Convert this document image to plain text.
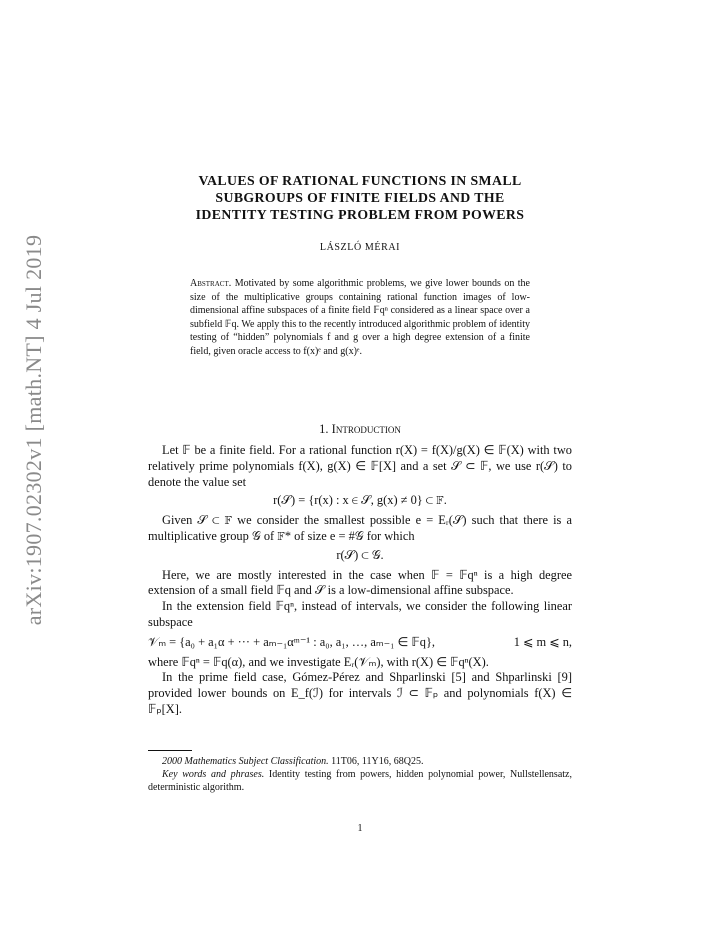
arXiv:1907.02302v1 [math.NT] 4 Jul 2019
VALUES OF RATIONAL FUNCTIONS IN SMALL
SUBGROUPS OF FINITE FIELDS AND THE
IDENTITY TESTING PROBLEM FROM POWERS
LÁSZLÓ MÉRAI
Abstract. Motivated by some algorithmic problems, we give lower bounds on the size of the multiplicative groups containing rational function images of low-dimensional affine subspaces of a finite field 𝔽qⁿ considered as a linear space over a subfield 𝔽q. We apply this to the recently introduced algorithmic problem of identity testing of “hidden” polynomials f and g over a high degree extension of a finite field, given oracle access to f(x)ᵉ and g(x)ᵉ.
1. Introduction

Let 𝔽 be a finite field. For a rational function r(X) = f(X)/g(X) ∈ 𝔽(X) with two relatively prime polynomials f(X), g(X) ∈ 𝔽[X] and a set 𝒮 ⊂ 𝔽, we use r(𝒮) to denote the value set

r(𝒮) = {r(x) : x ∈ 𝒮, g(x) ≠ 0} ⊂ 𝔽.

Given 𝒮 ⊂ 𝔽 we consider the smallest possible e = Eᵣ(𝒮) such that there is a multiplicative group 𝒢 of 𝔽* of size e = #𝒢 for which

r(𝒮) ⊂ 𝒢.

Here, we are mostly interested in the case when 𝔽 = 𝔽qⁿ is a high degree extension of a small field 𝔽q and 𝒮 is a low-dimensional affine subspace.

In the extension field 𝔽qⁿ, instead of intervals, we consider the following linear subspace

𝒱ₘ = {a₀ + a₁α + ··· + aₘ₋₁αᵐ⁻¹ : a₀, a₁, …, aₘ₋₁ ∈ 𝔽q},	1 ⩽ m ⩽ n,

where 𝔽qⁿ = 𝔽q(α), and we investigate Eᵣ(𝒱ₘ), with r(X) ∈ 𝔽qⁿ(X).

In the prime field case, Gómez-Pérez and Shparlinski [5] and Shparlinski [9] provided lower bounds on E_f(ℐ) for intervals ℐ ⊂ 𝔽ₚ and polynomials f(X) ∈ 𝔽ₚ[X].

2000 Mathematics Subject Classification. 11T06, 11Y16, 68Q25.

Key words and phrases. Identity testing from powers, hidden polynomial power, Nullstellensatz, deterministic algorithm.

1
